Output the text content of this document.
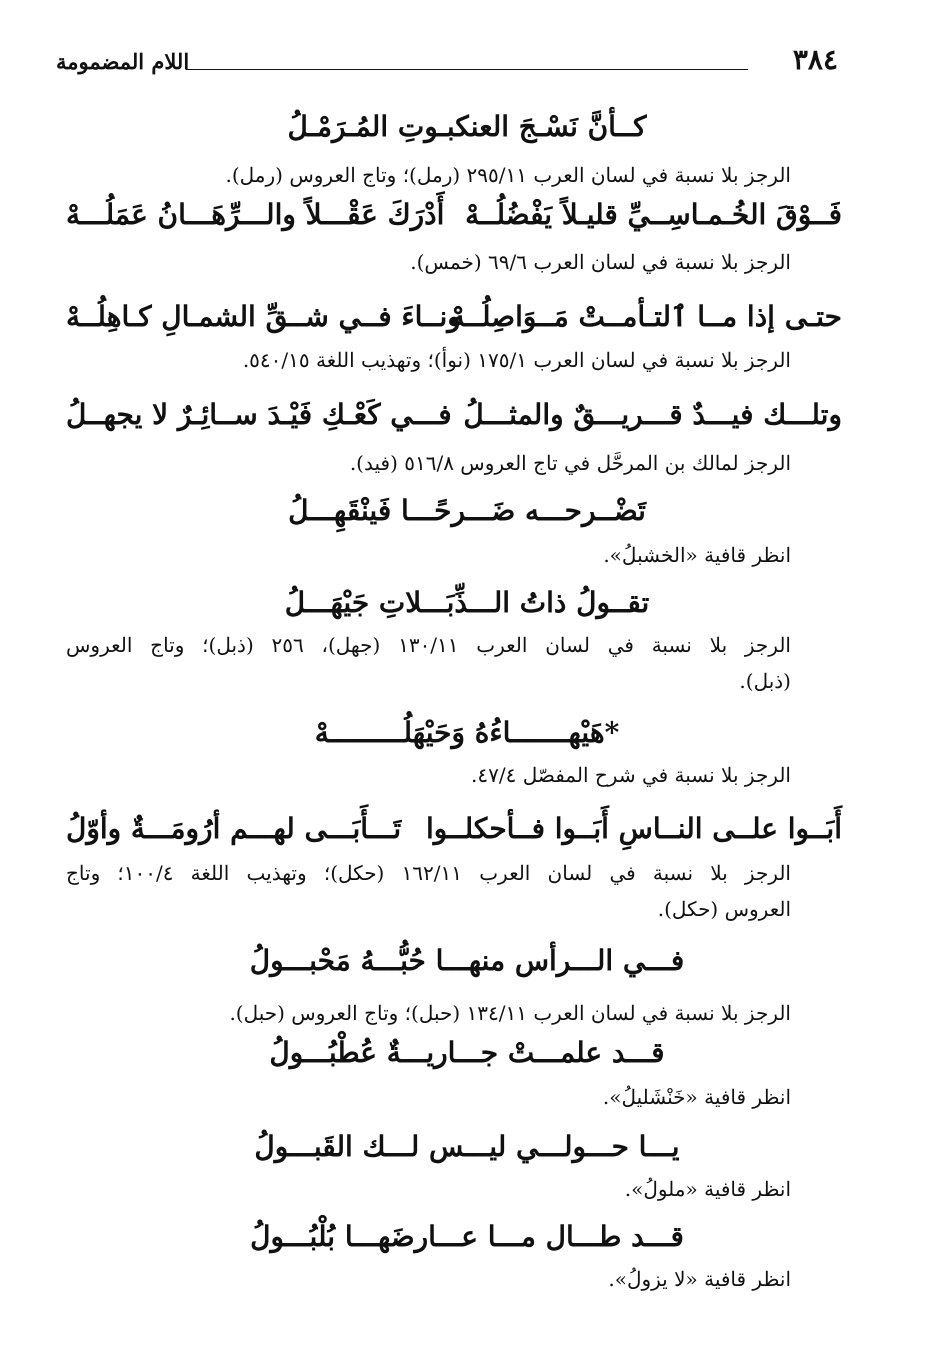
٣٨٤
اللام المضمومة
كــأنَّ نَسْـجَ العنكبـوتِ المُـرَمْـلُ
الرجز بلا نسبة في لسان العرب ٢٩٥/١١ (رمل)؛ وتاج العروس (رمل).
فَــوْقَ الخُـمـاسِــيِّ قليـلاً يَفْضُلُــهْ
أَدْرَكَ عَقْـــلاً والـــرِّهَـــانُ عَمَلُـــهْ
الرجز بلا نسبة في لسان العرب ٦٩/٦ (خمس).
حتـى إذا مــا ٱلتـأمــتْ مَــوَاصِلُــهْ
ونــاءَ فــي شــقِّ الشمـالِ كـاهِلُــهْ
الرجز بلا نسبة في لسان العرب ١٧٥/١ (نوأ)؛ وتهذيب اللغة ٥٤٠/١٥.
وتلـــك فيـــدٌ قـــريـــقٌ والمثـــلُ
فـــي كَعْـكِ فَيْـدَ ســائِـرٌ لا يجهــلُ
الرجز لمالك بن المرحَّل في تاج العروس ٥١٦/٨ (فيد).
تَضْــرحـــه ضَـــرحًـــا فَينْقَهِـــلُ
انظر قافية «الخشبلُ».
تقــولُ ذاتُ الـــذِّبَـــلاتِ جَيْهَـــلُ
الرجز بلا نسبة في لسان العرب ١٣٠/١١ (جهل)، ٢٥٦ (ذبل)؛ وتاج العروس
(ذبل).
*هَيْهـــــــاءُهُ وَحَيْهَلُـــــــــهْ
الرجز بلا نسبة في شرح المفصّل ٤٧/٤.
أَبَــوا علــى النــاسِ أَبَــوا فــأحكلــوا
تَـــأَبَـــى لهـــم أرُومَـــةٌ وأوّلُ
الرجز بلا نسبة في لسان العرب ١٦٢/١١ (حكل)؛ وتهذيب اللغة ١٠٠/٤؛ وتاج
العروس (حكل).
فـــي الـــرأس منهـــا حُبُّـــهُ مَحْبـــولُ
الرجز بلا نسبة في لسان العرب ١٣٤/١١ (حبل)؛ وتاج العروس (حبل).
قـــد علمـــتْ جـــاريـــةٌ عُطْبُـــولُ
انظر قافية «خَنْشَليلُ».
يـــا حـــولـــي ليـــس لـــك القَبـــولُ
انظر قافية «ملولُ».
قـــد طـــال مـــا عـــارضَهـــا بُلْبُـــولُ
انظر قافية «لا يزولُ».
